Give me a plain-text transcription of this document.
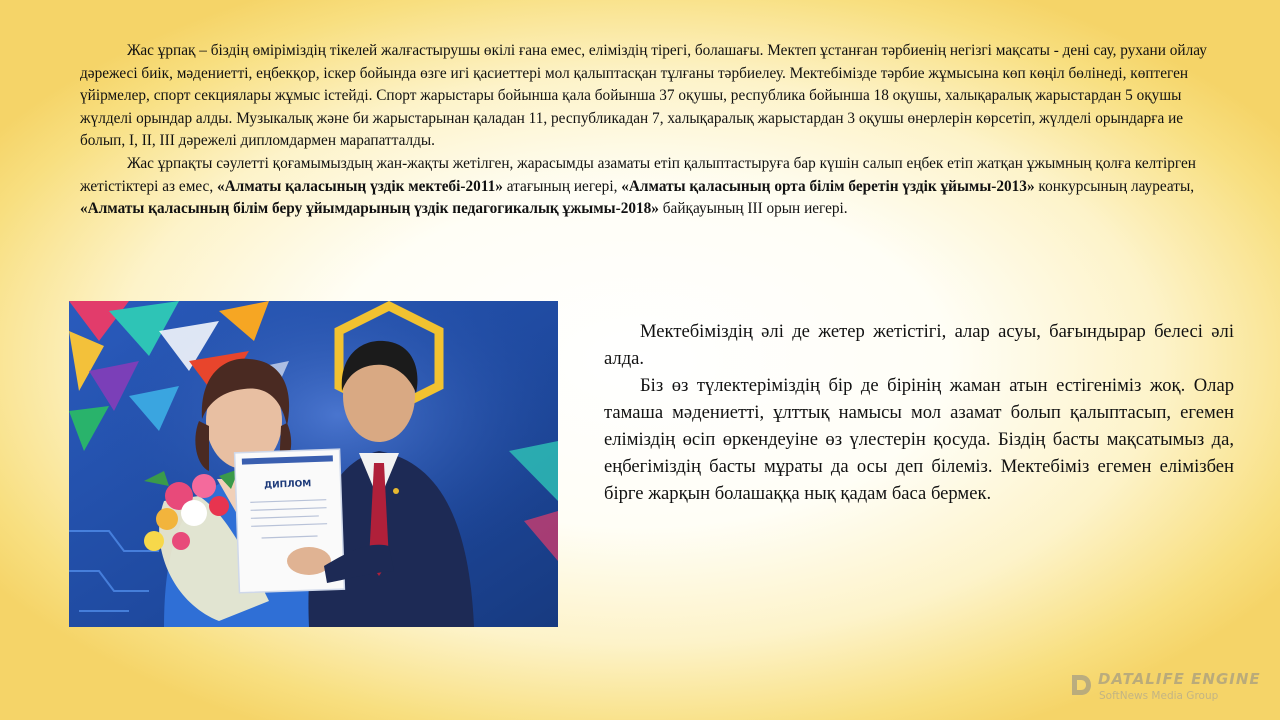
Жас ұрпақ – біздің өміріміздің тікелей жалғастырушы өкілі ғана емес, еліміздің тірегі, болашағы. Мектеп ұстанған тәрбиенің негізгі мақсаты - дені сау, рухани ойлау дәрежесі биік, мәдениетті, еңбекқор, іскер бойында өзге игі қасиеттері мол қалыптасқан тұлғаны тәрбиелеу. Мектебімізде тәрбие жұмысына көп көңіл бөлінеді, көптеген үйірмелер, спорт секциялары жұмыс істейді. Спорт жарыстары бойынша қала бойынша 37 оқушы, республика бойынша 18 оқушы, халықаралық жарыстардан 5 оқушы жүлделі орындар алды. Музыкалық және би жарыстарынан қаладан 11, республикадан 7, халықаралық жарыстардан 3 оқушы өнерлерін көрсетіп, жүлделі орындарға ие болып, I, II, III дәрежелі дипломдармен марапатталды.

Жас ұрпақты сәулетті қоғамымыздың жан-жақты жетілген, жарасымды азаматы етіп қалыптастыруға бар күшін салып еңбек етіп жатқан ұжымның қолға келтірген жетістіктері аз емес, «Алматы қаласының үздік мектебі-2011» атағының иегері, «Алматы қаласының орта білім беретін үздік ұйымы-2013» конкурсының лауреаты, «Алматы қаласының білім беру ұйымдарының үздік педагогикалық ұжымы-2018» байқауының III орын иегері.

ДИПЛОМ

Мектебіміздің әлі де жетер жетістігі, алар асуы, бағындырар белесі әлі алда.

Біз өз түлектеріміздің бір де бірінің жаман атын естігеніміз жоқ. Олар тамаша мәдениетті, ұлттық намысы мол азамат болып қалыптасып, егемен еліміздің өсіп өркендеуіне өз үлестерін қосуда. Біздің басты мақсатымыз да, еңбегіміздің басты мұраты да осы деп білеміз. Мектебіміз егемен елімізбен бірге жарқын болашаққа нық қадам баса бермек.

DATALIFE ENGINE
SoftNews Media Group
